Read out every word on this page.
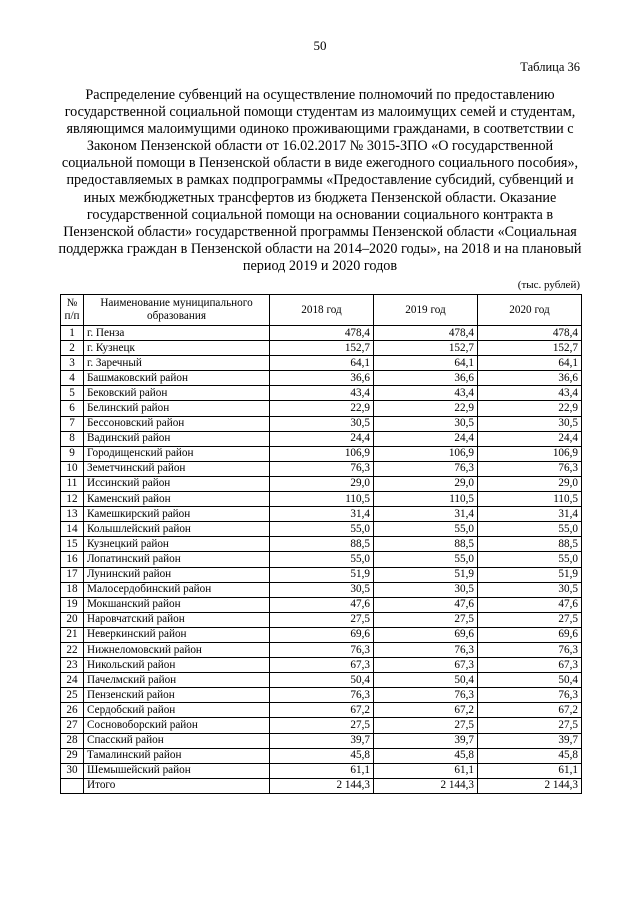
50
Таблица 36
Распределение субвенций на осуществление полномочий по предоставлению государственной социальной помощи студентам из малоимущих семей и студентам, являющимся малоимущими одиноко проживающими гражданами, в соответствии с Законом Пензенской области от 16.02.2017 № 3015-ЗПО «О государственной социальной помощи в Пензенской области в виде ежегодного социального пособия», предоставляемых в рамках подпрограммы «Предоставление субсидий, субвенций и иных межбюджетных трансфертов из бюджета Пензенской области. Оказание государственной социальной помощи на основании социального контракта в Пензенской области» государственной программы Пензенской области «Социальная поддержка граждан в Пензенской области на 2014–2020 годы», на 2018 и на плановый период 2019 и 2020 годов
(тыс. рублей)
№ п/п	Наименование муниципального образования	2018 год	2019 год	2020 год
1	г. Пенза	478,4	478,4	478,4
2	г. Кузнецк	152,7	152,7	152,7
3	г. Заречный	64,1	64,1	64,1
4	Башмаковский район	36,6	36,6	36,6
5	Бековский район	43,4	43,4	43,4
6	Белинский район	22,9	22,9	22,9
7	Бессоновский район	30,5	30,5	30,5
8	Вадинский район	24,4	24,4	24,4
9	Городищенский район	106,9	106,9	106,9
10	Земетчинский район	76,3	76,3	76,3
11	Иссинский район	29,0	29,0	29,0
12	Каменский район	110,5	110,5	110,5
13	Камешкирский район	31,4	31,4	31,4
14	Колышлейский район	55,0	55,0	55,0
15	Кузнецкий район	88,5	88,5	88,5
16	Лопатинский район	55,0	55,0	55,0
17	Лунинский район	51,9	51,9	51,9
18	Малосердобинский район	30,5	30,5	30,5
19	Мокшанский район	47,6	47,6	47,6
20	Наровчатский район	27,5	27,5	27,5
21	Неверкинский район	69,6	69,6	69,6
22	Нижнеломовский район	76,3	76,3	76,3
23	Никольский район	67,3	67,3	67,3
24	Пачелмский район	50,4	50,4	50,4
25	Пензенский район	76,3	76,3	76,3
26	Сердобский район	67,2	67,2	67,2
27	Сосновоборский район	27,5	27,5	27,5
28	Спасский район	39,7	39,7	39,7
29	Тамалинский район	45,8	45,8	45,8
30	Шемышейский район	61,1	61,1	61,1
	Итого	2 144,3	2 144,3	2 144,3
